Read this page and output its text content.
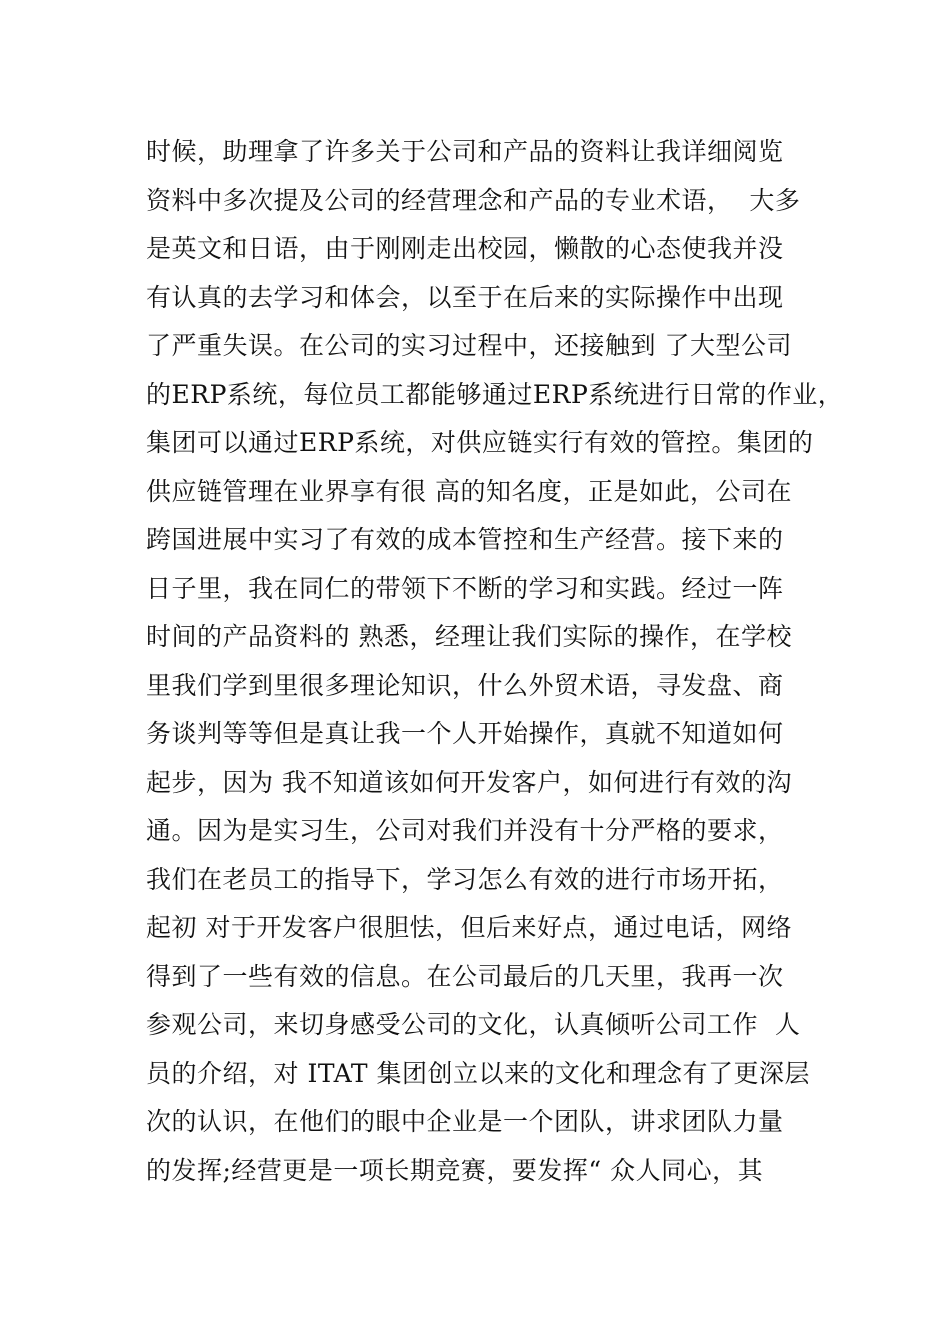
时候，助理拿了许多关于公司和产品的资料让我详细阅览
资料中多次提及公司的经营理念和产品的专业术语，  大多
是英文和日语，由于刚刚走出校园，懒散的心态使我并没
有认真的去学习和体会，以至于在后来的实际操作中出现
了严重失误。在公司的实习过程中，还接触到 了大型公司
的ERP系统，每位员工都能够通过ERP系统进行日常的作业，
集团可以通过ERP系统，对供应链实行有效的管控。集团的
供应链管理在业界享有很 高的知名度，正是如此，公司在
跨国进展中实习了有效的成本管控和生产经营。接下来的
日子里，我在同仁的带领下不断的学习和实践。经过一阵
时间的产品资料的 熟悉，经理让我们实际的操作，在学校
里我们学到里很多理论知识，什么外贸术语，寻发盘、商
务谈判等等但是真让我一个人开始操作，真就不知道如何
起步，因为 我不知道该如何开发客户，如何进行有效的沟
通。因为是实习生，公司对我们并没有十分严格的要求，
我们在老员工的指导下，学习怎么有效的进行市场开拓，
起初 对于开发客户很胆怯，但后来好点，通过电话，网络
得到了一些有效的信息。在公司最后的几天里，我再一次
参观公司，来切身感受公司的文化，认真倾听公司工作  人
员的介绍，对 ITAT 集团创立以来的文化和理念有了更深层
次的认识，在他们的眼中企业是一个团队，讲求团队力量
的发挥;经营更是一项长期竞赛，要发挥“ 众人同心，其
